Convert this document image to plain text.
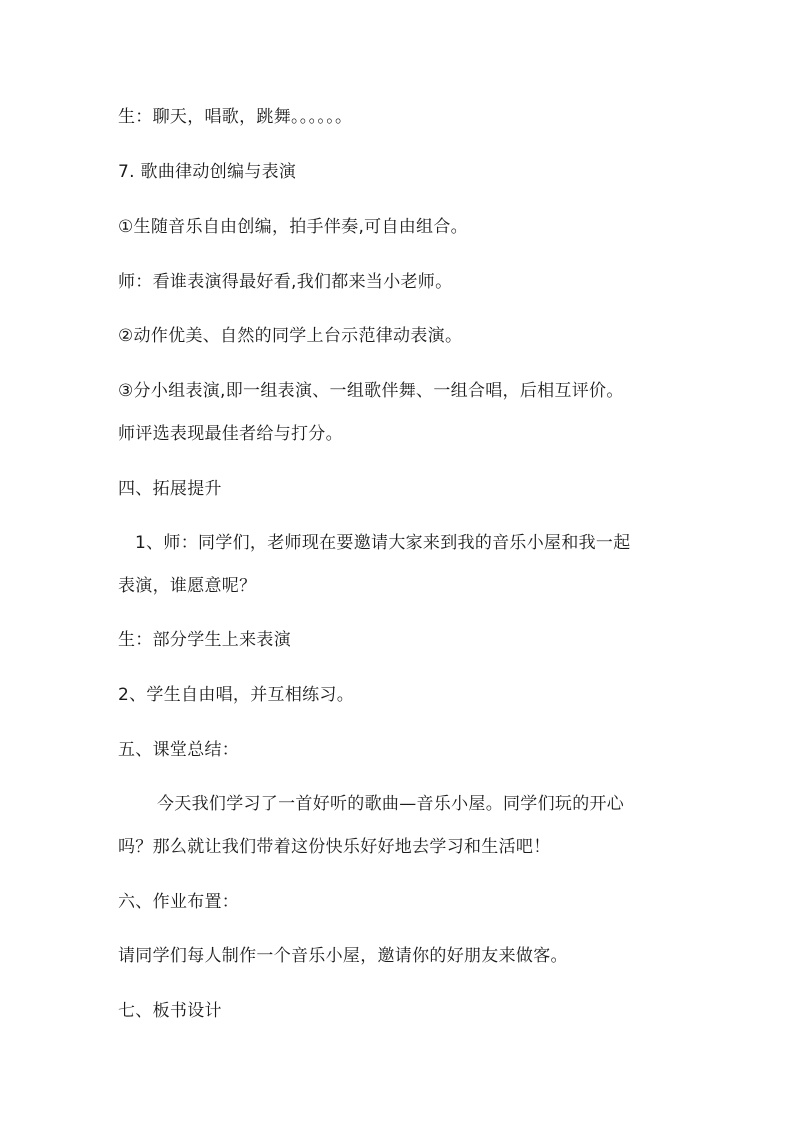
生：聊天，唱歌，跳舞。。。。。。
7. 歌曲律动创编与表演
①生随音乐自由创编，拍手伴奏,可自由组合。
师：看谁表演得最好看,我们都来当小老师。
②动作优美、自然的同学上台示范律动表演。
③分小组表演,即一组表演、一组歌伴舞、一组合唱，后相互评价。
师评选表现最佳者给与打分。
四、拓展提升
1、师：同学们，老师现在要邀请大家来到我的音乐小屋和我一起
表演，谁愿意呢？
生：部分学生上来表演
2、学生自由唱，并互相练习。
五、课堂总结：
今天我们学习了一首好听的歌曲—音乐小屋。同学们玩的开心
吗？那么就让我们带着这份快乐好好地去学习和生活吧！
六、作业布置：
请同学们每人制作一个音乐小屋，邀请你的好朋友来做客。
七、板书设计
